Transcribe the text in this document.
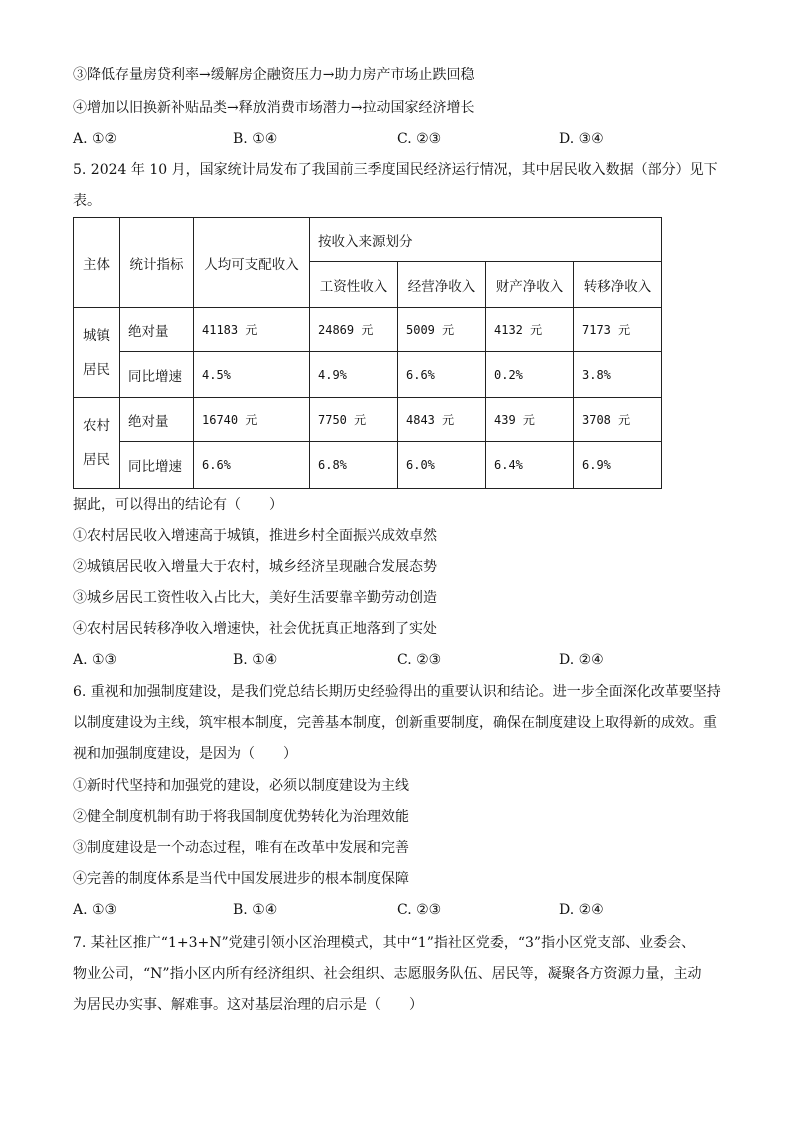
③降低存量房贷利率→缓解房企融资压力→助力房产市场止跌回稳
④增加以旧换新补贴品类→释放消费市场潜力→拉动国家经济增长
A. ①②	B. ①④	C. ②③	D. ③④
5. 2024 年 10 月，国家统计局发布了我国前三季度国民经济运行情况，其中居民收入数据（部分）见下
表。
主体	统计指标	人均可支配收入	按收入来源划分			
			工资性收入	经营净收入	财产净收入	转移净收入

城镇
居民	绝对量	41183 元	24869 元	5009 元	4132 元	7173 元
	同比增速	4.5%	4.9%	6.6%	0.2%	3.8%

农村
居民	绝对量	16740 元	7750 元	4843 元	439 元	3708 元
	同比增速	6.6%	6.8%	6.0%	6.4%	6.9%
据此，可以得出的结论有（　　）
①农村居民收入增速高于城镇，推进乡村全面振兴成效卓然
②城镇居民收入增量大于农村，城乡经济呈现融合发展态势
③城乡居民工资性收入占比大，美好生活要靠辛勤劳动创造
④农村居民转移净收入增速快，社会优抚真正地落到了实处
A. ①③	B. ①④	C. ②③	D. ②④
6. 重视和加强制度建设，是我们党总结长期历史经验得出的重要认识和结论。进一步全面深化改革要坚持
以制度建设为主线，筑牢根本制度，完善基本制度，创新重要制度，确保在制度建设上取得新的成效。重
视和加强制度建设，是因为（　　）
①新时代坚持和加强党的建设，必须以制度建设为主线
②健全制度机制有助于将我国制度优势转化为治理效能
③制度建设是一个动态过程，唯有在改革中发展和完善
④完善的制度体系是当代中国发展进步的根本制度保障
A. ①③	B. ①④	C. ②③	D. ②④
7. 某社区推广“1+3+N”党建引领小区治理模式，其中“1”指社区党委，“3”指小区党支部、业委会、
物业公司，“N”指小区内所有经济组织、社会组织、志愿服务队伍、居民等，凝聚各方资源力量，主动
为居民办实事、解难事。这对基层治理的启示是（　　）
